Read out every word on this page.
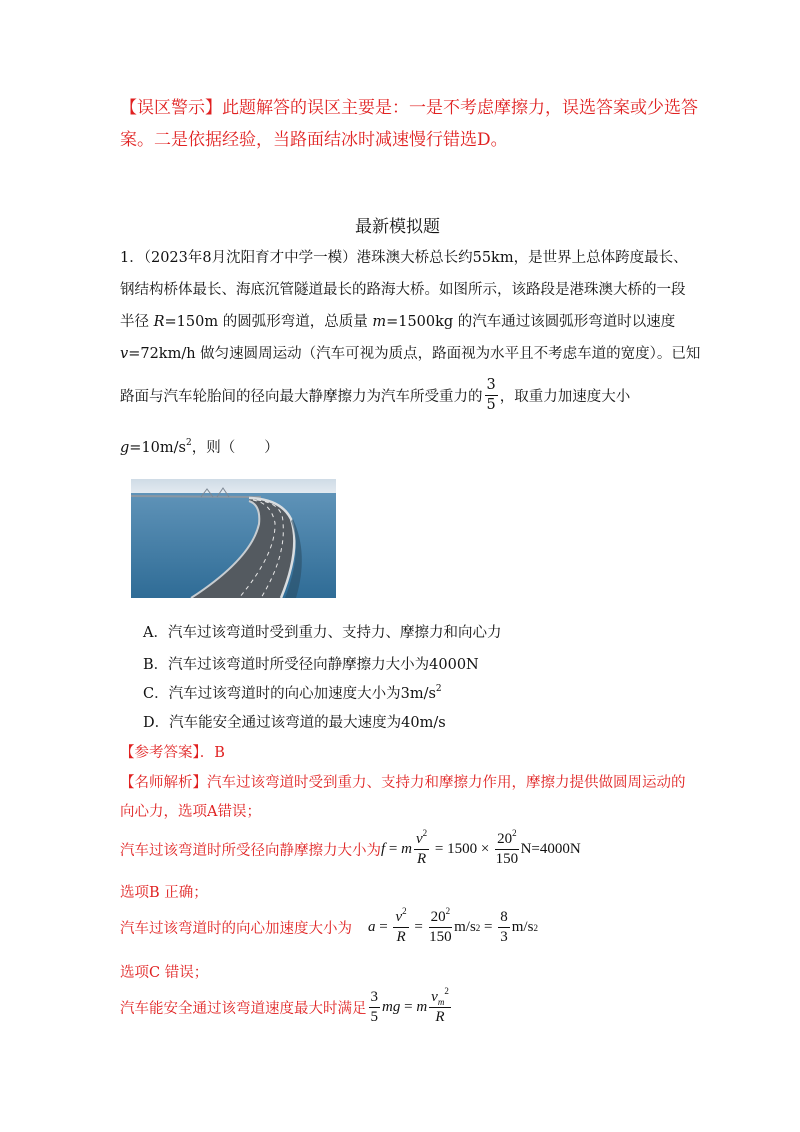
【误区警示】此题解答的误区主要是：一是不考虑摩擦力，误选答案或少选答
案。二是依据经验，当路面结冰时减速慢行错选D。
最新模拟题
1．（2023年8月沈阳育才中学一模）港珠澳大桥总长约55km，是世界上总体跨度最长、
钢结构桥体最长、海底沉管隧道最长的路海大桥。如图所示，该路段是港珠澳大桥的一段
半径 R=150m 的圆弧形弯道，总质量 m=1500kg 的汽车通过该圆弧形弯道时以速度
v=72km/h 做匀速圆周运动（汽车可视为质点，路面视为水平且不考虑车道的宽度）。已知
路面与汽车轮胎间的径向最大静摩擦力为汽车所受重力的 $\frac{3}{5}$ ，取重力加速度大小
$g=10m/s^2$，则（　　）
A．汽车过该弯道时受到重力、支持力、摩擦力和向心力
B．汽车过该弯道时所受径向静摩擦力大小为4000N
C．汽车过该弯道时的向心加速度大小为$3m/s^2$
D．汽车能安全通过该弯道的最大速度为40m/s
【参考答案】．B
【名师解析】汽车过该弯道时受到重力、支持力和摩擦力作用，摩擦力提供做圆周运动的
向心力，选项A错误；
汽车过该弯道时所受径向静摩擦力大小为 f = m $\frac{v^2}{R} = 1500 \times \frac{20^2}{150} N=4000N$
选项B 正确；
汽车过该弯道时的向心加速度大小为 $a = \frac{v^2}{R} = \frac{20^2}{150} m/s$ $2 = \frac{8}{3} m/s$ 2
选项C 错误；
汽车能安全通过该弯道速度最大时满足 $\frac{3}{5}$ mg = m $\frac{v_m^2}{R}$
